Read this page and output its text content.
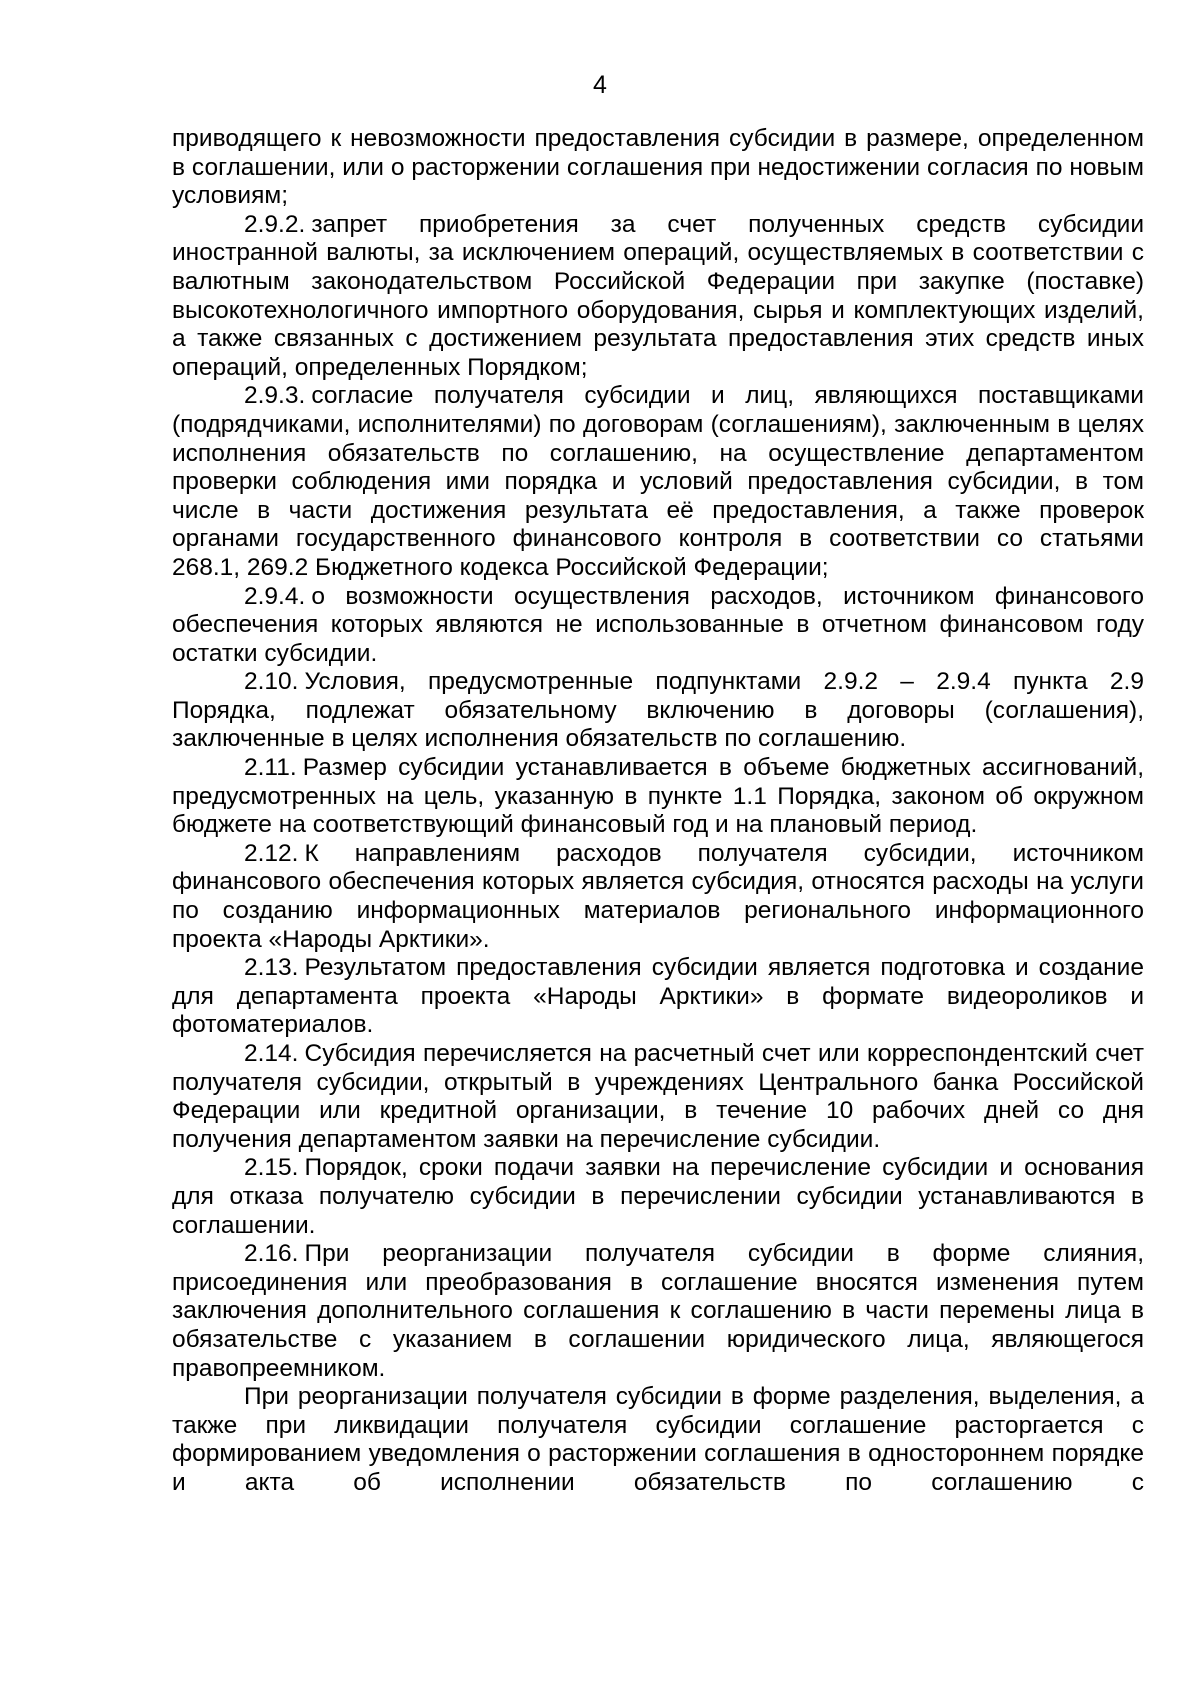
4

приводящего к невозможности предоставления субсидии в размере, определенном в соглашении, или о расторжении соглашения при недостижении согласия по новым условиям;

2.9.2. запрет приобретения за счет полученных средств субсидии иностранной валюты, за исключением операций, осуществляемых в соответствии с валютным законодательством Российской Федерации при закупке (поставке) высокотехнологичного импортного оборудования, сырья и комплектующих изделий, а также связанных с достижением результата предоставления этих средств иных операций, определенных Порядком;

2.9.3. согласие получателя субсидии и лиц, являющихся поставщиками (подрядчиками, исполнителями) по договорам (соглашениям), заключенным в целях исполнения обязательств по соглашению, на осуществление департаментом проверки соблюдения ими порядка и условий предоставления субсидии, в том числе в части достижения результата её предоставления, а также проверок органами государственного финансового контроля в соответствии со статьями 268.1, 269.2 Бюджетного кодекса Российской Федерации;

2.9.4. о возможности осуществления расходов, источником финансового обеспечения которых являются не использованные в отчетном финансовом году остатки субсидии.

2.10. Условия, предусмотренные подпунктами 2.9.2 – 2.9.4 пункта 2.9 Порядка, подлежат обязательному включению в договоры (соглашения), заключенные в целях исполнения обязательств по соглашению.

2.11. Размер субсидии устанавливается в объеме бюджетных ассигнований, предусмотренных на цель, указанную в пункте 1.1 Порядка, законом об окружном бюджете на соответствующий финансовый год и на плановый период.

2.12. К направлениям расходов получателя субсидии, источником финансового обеспечения которых является субсидия, относятся расходы на услуги по созданию информационных материалов регионального информационного проекта «Народы Арктики».

2.13. Результатом предоставления субсидии является подготовка и создание для департамента проекта «Народы Арктики» в формате видеороликов и фотоматериалов.

2.14. Субсидия перечисляется на расчетный счет или корреспондентский счет получателя субсидии, открытый в учреждениях Центрального банка Российской Федерации или кредитной организации, в течение 10 рабочих дней со дня получения департаментом заявки на перечисление субсидии.

2.15. Порядок, сроки подачи заявки на перечисление субсидии и основания для отказа получателю субсидии в перечислении субсидии устанавливаются в соглашении.

2.16. При реорганизации получателя субсидии в форме слияния, присоединения или преобразования в соглашение вносятся изменения путем заключения дополнительного соглашения к соглашению в части перемены лица в обязательстве с указанием в соглашении юридического лица, являющегося правопреемником.

При реорганизации получателя субсидии в форме разделения, выделения, а также при ликвидации получателя субсидии соглашение расторгается с формированием уведомления о расторжении соглашения в одностороннем порядке и акта об исполнении обязательств по соглашению с
